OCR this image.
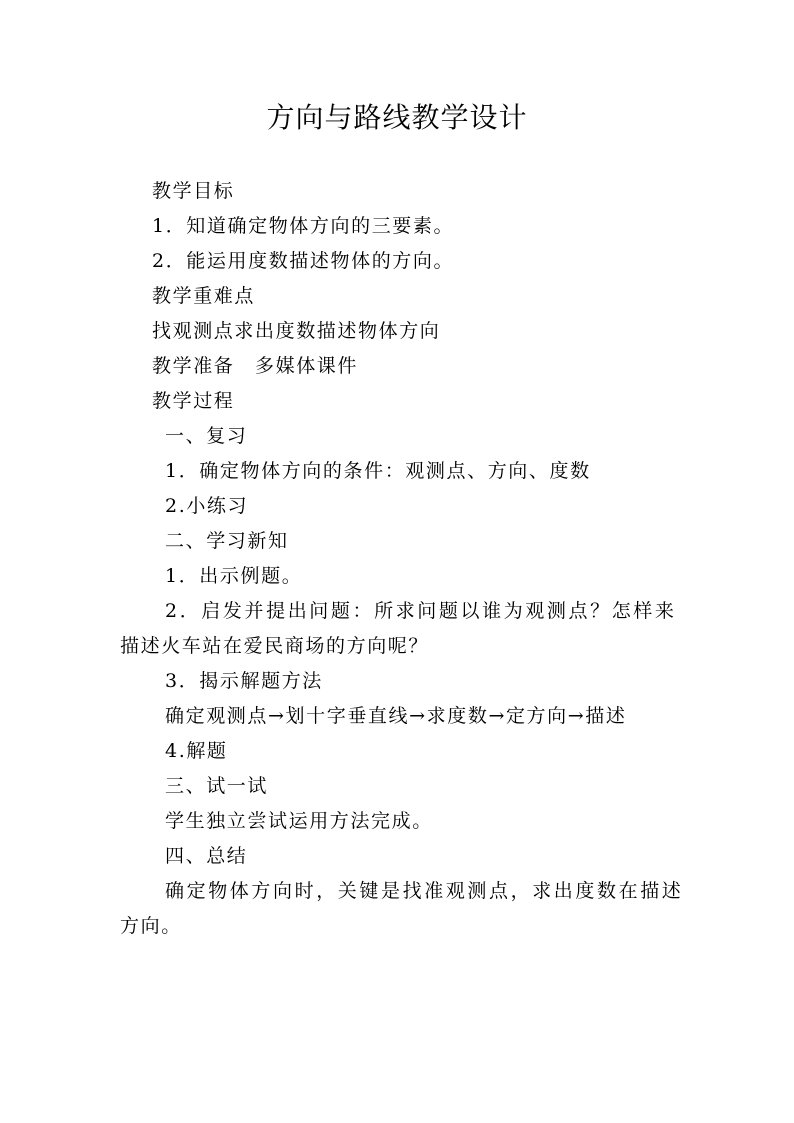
方向与路线教学设计
教学目标
1．知道确定物体方向的三要素。
2．能运用度数描述物体的方向。
教学重难点
找观测点求出度数描述物体方向
教学准备　多媒体课件
教学过程
一、复习
1．确定物体方向的条件：观测点、方向、度数
2.小练习
二、学习新知
1．出示例题。
2．启发并提出问题：所求问题以谁为观测点？怎样来
描述火车站在爱民商场的方向呢？
3．揭示解题方法
确定观测点→划十字垂直线→求度数→定方向→描述
4.解题
三、试一试
学生独立尝试运用方法完成。
四、总结
确定物体方向时，关键是找准观测点，求出度数在描述
方向。
